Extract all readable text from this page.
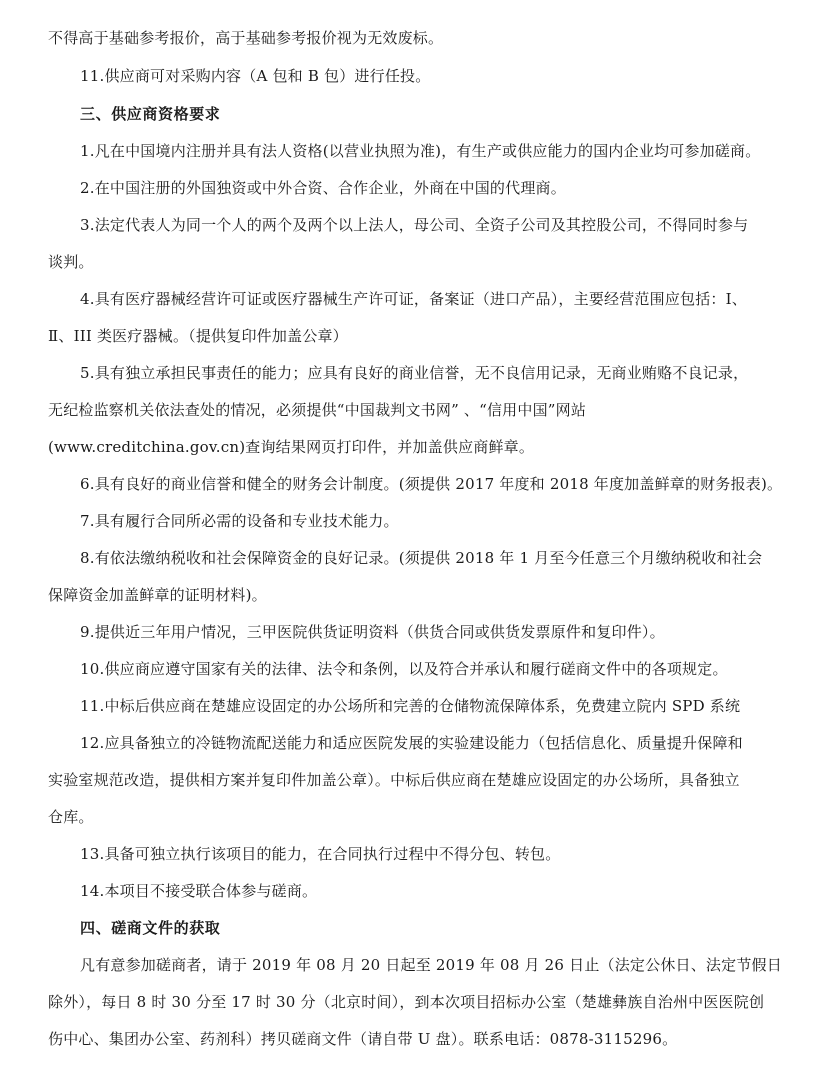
不得高于基础参考报价，高于基础参考报价视为无效废标。
11.供应商可对采购内容（A 包和 B 包）进行任投。
三、供应商资格要求
1.凡在中国境内注册并具有法人资格(以营业执照为准)，有生产或供应能力的国内企业均可参加磋商。
2.在中国注册的外国独资或中外合资、合作企业，外商在中国的代理商。
3.法定代表人为同一个人的两个及两个以上法人，母公司、全资子公司及其控股公司，不得同时参与
谈判。
4.具有医疗器械经营许可证或医疗器械生产许可证，备案证（进口产品），主要经营范围应包括：Ⅰ、
Ⅱ、III 类医疗器械。（提供复印件加盖公章）
5.具有独立承担民事责任的能力；应具有良好的商业信誉，无不良信用记录，无商业贿赂不良记录，
无纪检监察机关依法查处的情况，必须提供“中国裁判文书网” 、“信用中国”网站
(www.creditchina.gov.cn)查询结果网页打印件，并加盖供应商鲜章。
6.具有良好的商业信誉和健全的财务会计制度。(须提供 2017 年度和 2018 年度加盖鲜章的财务报表)。
7.具有履行合同所必需的设备和专业技术能力。
8.有依法缴纳税收和社会保障资金的良好记录。(须提供 2018 年 1 月至今任意三个月缴纳税收和社会
保障资金加盖鲜章的证明材料)。
9.提供近三年用户情况，三甲医院供货证明资料（供货合同或供货发票原件和复印件）。
10.供应商应遵守国家有关的法律、法令和条例，以及符合并承认和履行磋商文件中的各项规定。
11.中标后供应商在楚雄应设固定的办公场所和完善的仓储物流保障体系，免费建立院内 SPD 系统
12.应具备独立的冷链物流配送能力和适应医院发展的实验建设能力（包括信息化、质量提升保障和
实验室规范改造，提供相方案并复印件加盖公章）。中标后供应商在楚雄应设固定的办公场所，具备独立
仓库。
13.具备可独立执行该项目的能力，在合同执行过程中不得分包、转包。
14.本项目不接受联合体参与磋商。
四、磋商文件的获取
凡有意参加磋商者，请于 2019 年 08 月 20 日起至 2019 年 08 月 26 日止（法定公休日、法定节假日
除外），每日 8 时 30 分至 17 时 30 分（北京时间），到本次项目招标办公室（楚雄彝族自治州中医医院创
伤中心、集团办公室、药剂科）拷贝磋商文件（请自带 U 盘）。联系电话：0878-3115296。
